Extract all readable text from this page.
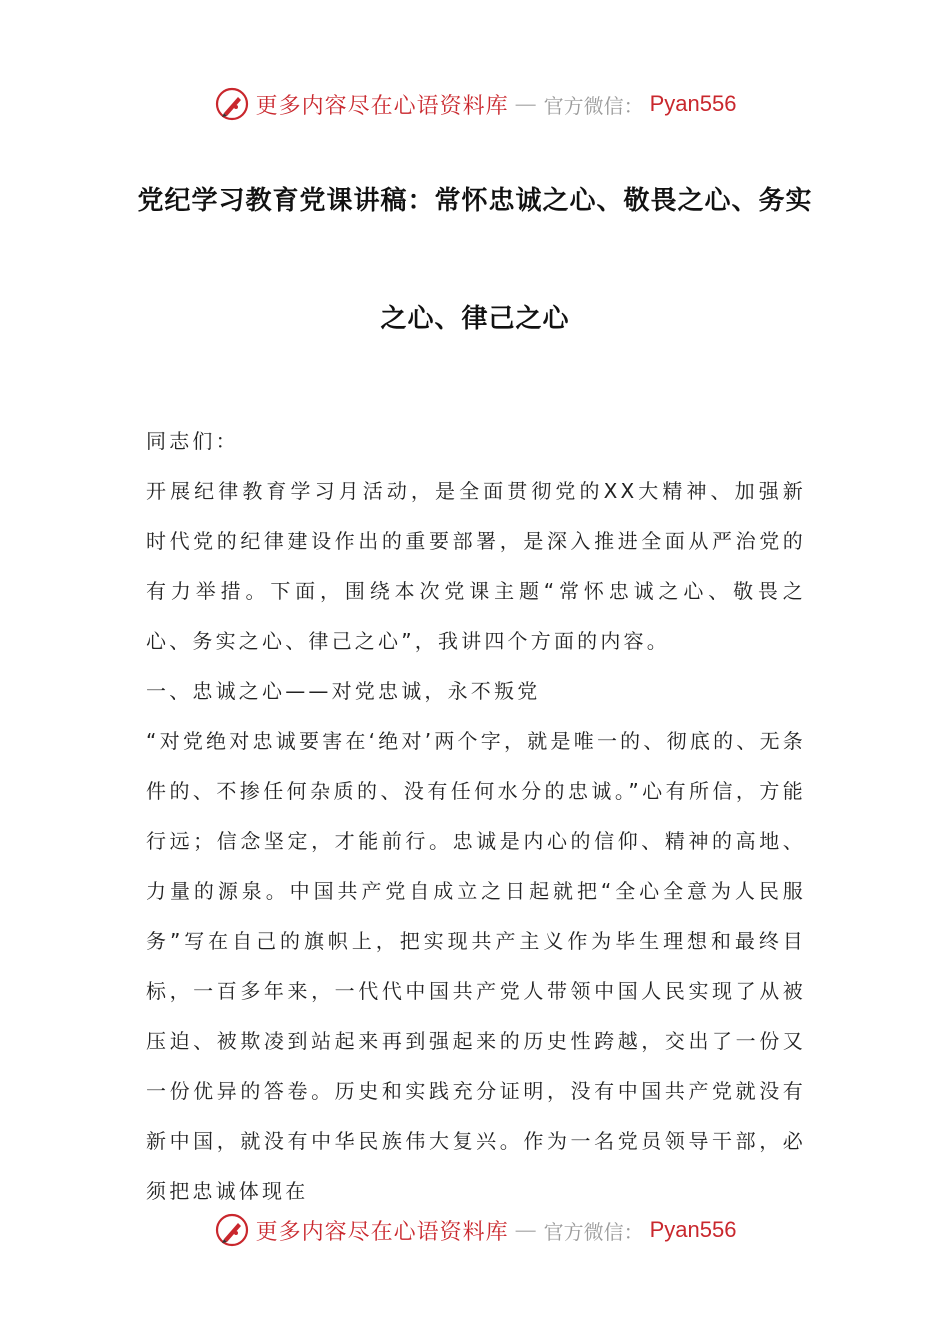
更多内容尽在心语资料库 — 官方微信： Pyan556
党纪学习教育党课讲稿：常怀忠诚之心、敬畏之心、务实
之心、律己之心

同志们：

开展纪律教育学习月活动，是全面贯彻党的XX大精神、加强新时代党的纪律建设作出的重要部署，是深入推进全面从严治党的有力举措。下面，围绕本次党课主题“常怀忠诚之心、敬畏之心、务实之心、律己之心”，我讲四个方面的内容。

一、忠诚之心——对党忠诚，永不叛党

“对党绝对忠诚要害在‘绝对’两个字，就是唯一的、彻底的、无条件的、不掺任何杂质的、没有任何水分的忠诚。”心有所信，方能行远；信念坚定，才能前行。忠诚是内心的信仰、精神的高地、力量的源泉。中国共产党自成立之日起就把“全心全意为人民服务”写在自己的旗帜上，把实现共产主义作为毕生理想和最终目标，一百多年来，一代代中国共产党人带领中国人民实现了从被压迫、被欺凌到站起来再到强起来的历史性跨越，交出了一份又一份优异的答卷。历史和实践充分证明，没有中国共产党就没有新中国，就没有中华民族伟大复兴。作为一名党员领导干部，必须把忠诚体现在

更多内容尽在心语资料库 — 官方微信： Pyan556
